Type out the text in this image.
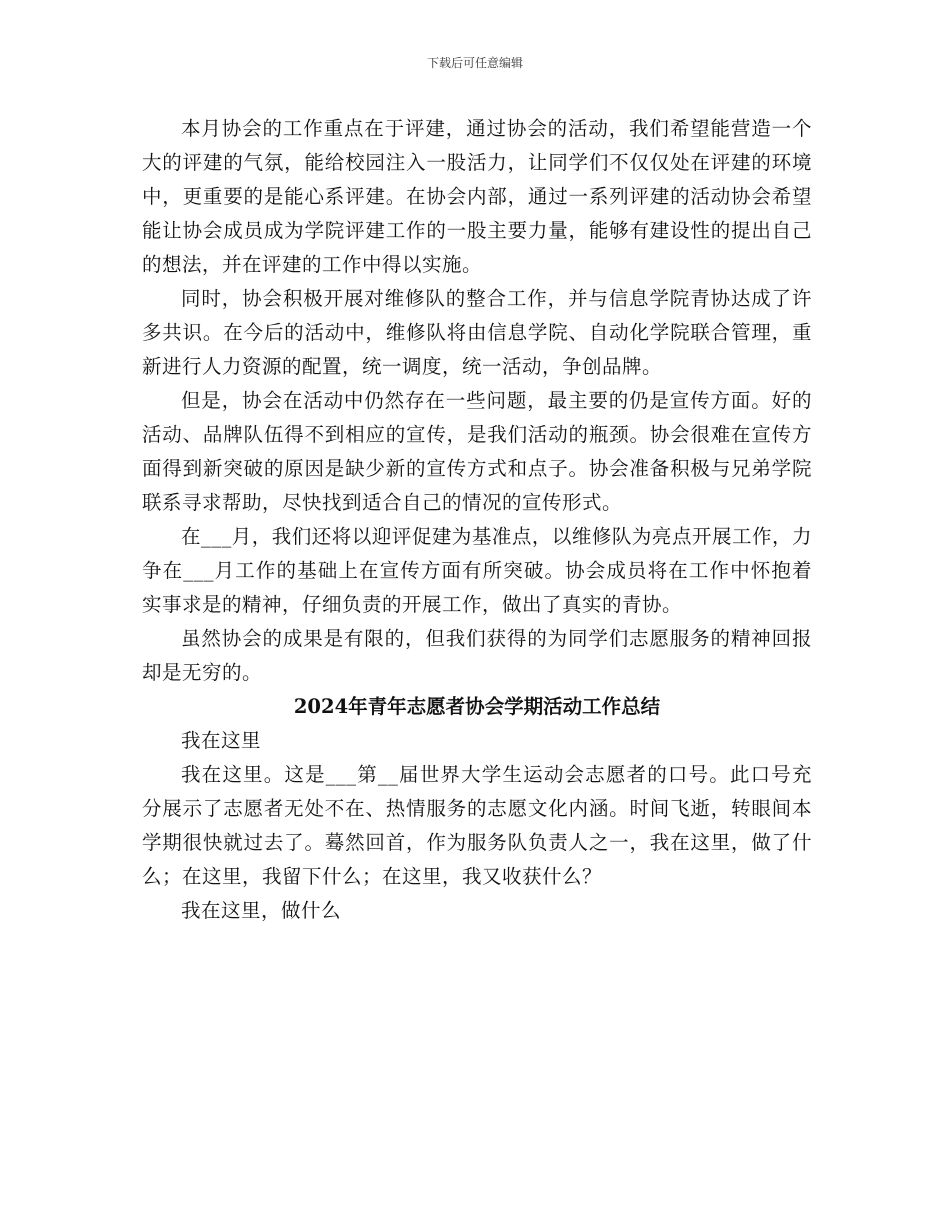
下载后可任意编辑

本月协会的工作重点在于评建，通过协会的活动，我们希望能营造一个大的评建的气氛，能给校园注入一股活力，让同学们不仅仅处在评建的环境中，更重要的是能心系评建。在协会内部，通过一系列评建的活动协会希望能让协会成员成为学院评建工作的一股主要力量，能够有建设性的提出自己的想法，并在评建的工作中得以实施。

同时，协会积极开展对维修队的整合工作，并与信息学院青协达成了许多共识。在今后的活动中，维修队将由信息学院、自动化学院联合管理，重新进行人力资源的配置，统一调度，统一活动，争创品牌。

但是，协会在活动中仍然存在一些问题，最主要的仍是宣传方面。好的活动、品牌队伍得不到相应的宣传，是我们活动的瓶颈。协会很难在宣传方面得到新突破的原因是缺少新的宣传方式和点子。协会准备积极与兄弟学院联系寻求帮助，尽快找到适合自己的情况的宣传形式。

在___月，我们还将以迎评促建为基准点，以维修队为亮点开展工作，力争在___月工作的基础上在宣传方面有所突破。协会成员将在工作中怀抱着实事求是的精神，仔细负责的开展工作，做出了真实的青协。

虽然协会的成果是有限的，但我们获得的为同学们志愿服务的精神回报却是无穷的。

2024年青年志愿者协会学期活动工作总结

我在这里

我在这里。这是___第__届世界大学生运动会志愿者的口号。此口号充分展示了志愿者无处不在、热情服务的志愿文化内涵。时间飞逝，转眼间本学期很快就过去了。蓦然回首，作为服务队负责人之一，我在这里，做了什么；在这里，我留下什么；在这里，我又收获什么？

我在这里，做什么
